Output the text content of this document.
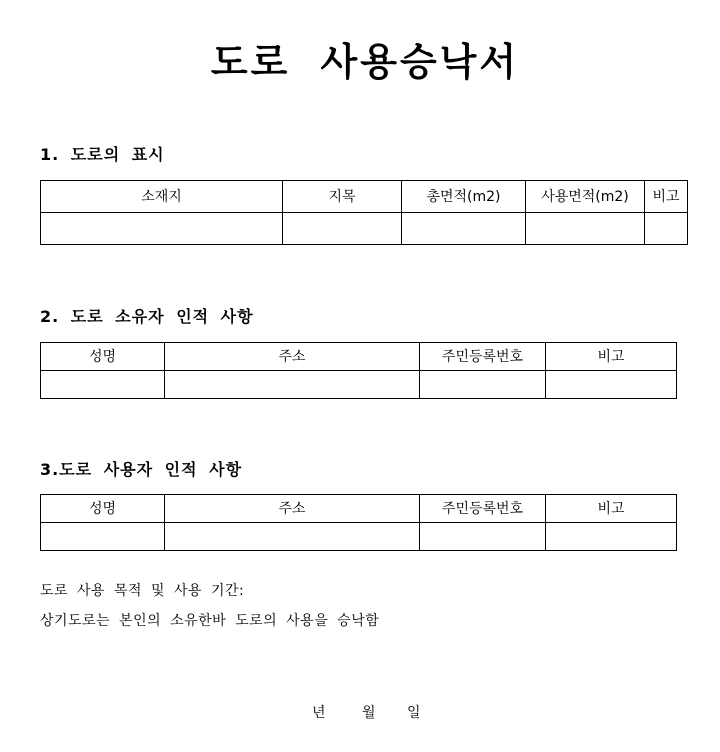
도로 사용승낙서
1. 도로의 표시
소재지	지목	총면적(m2)	사용면적(m2)	비고

2. 도로 소유자 인적 사항
성명	주소	주민등록번호	비고

3.도로 사용자 인적 사항
성명	주소	주민등록번호	비고

도로 사용 목적 및 사용 기간:
상기도로는 본인의 소유한바 도로의 사용을 승낙함
년	월 일
